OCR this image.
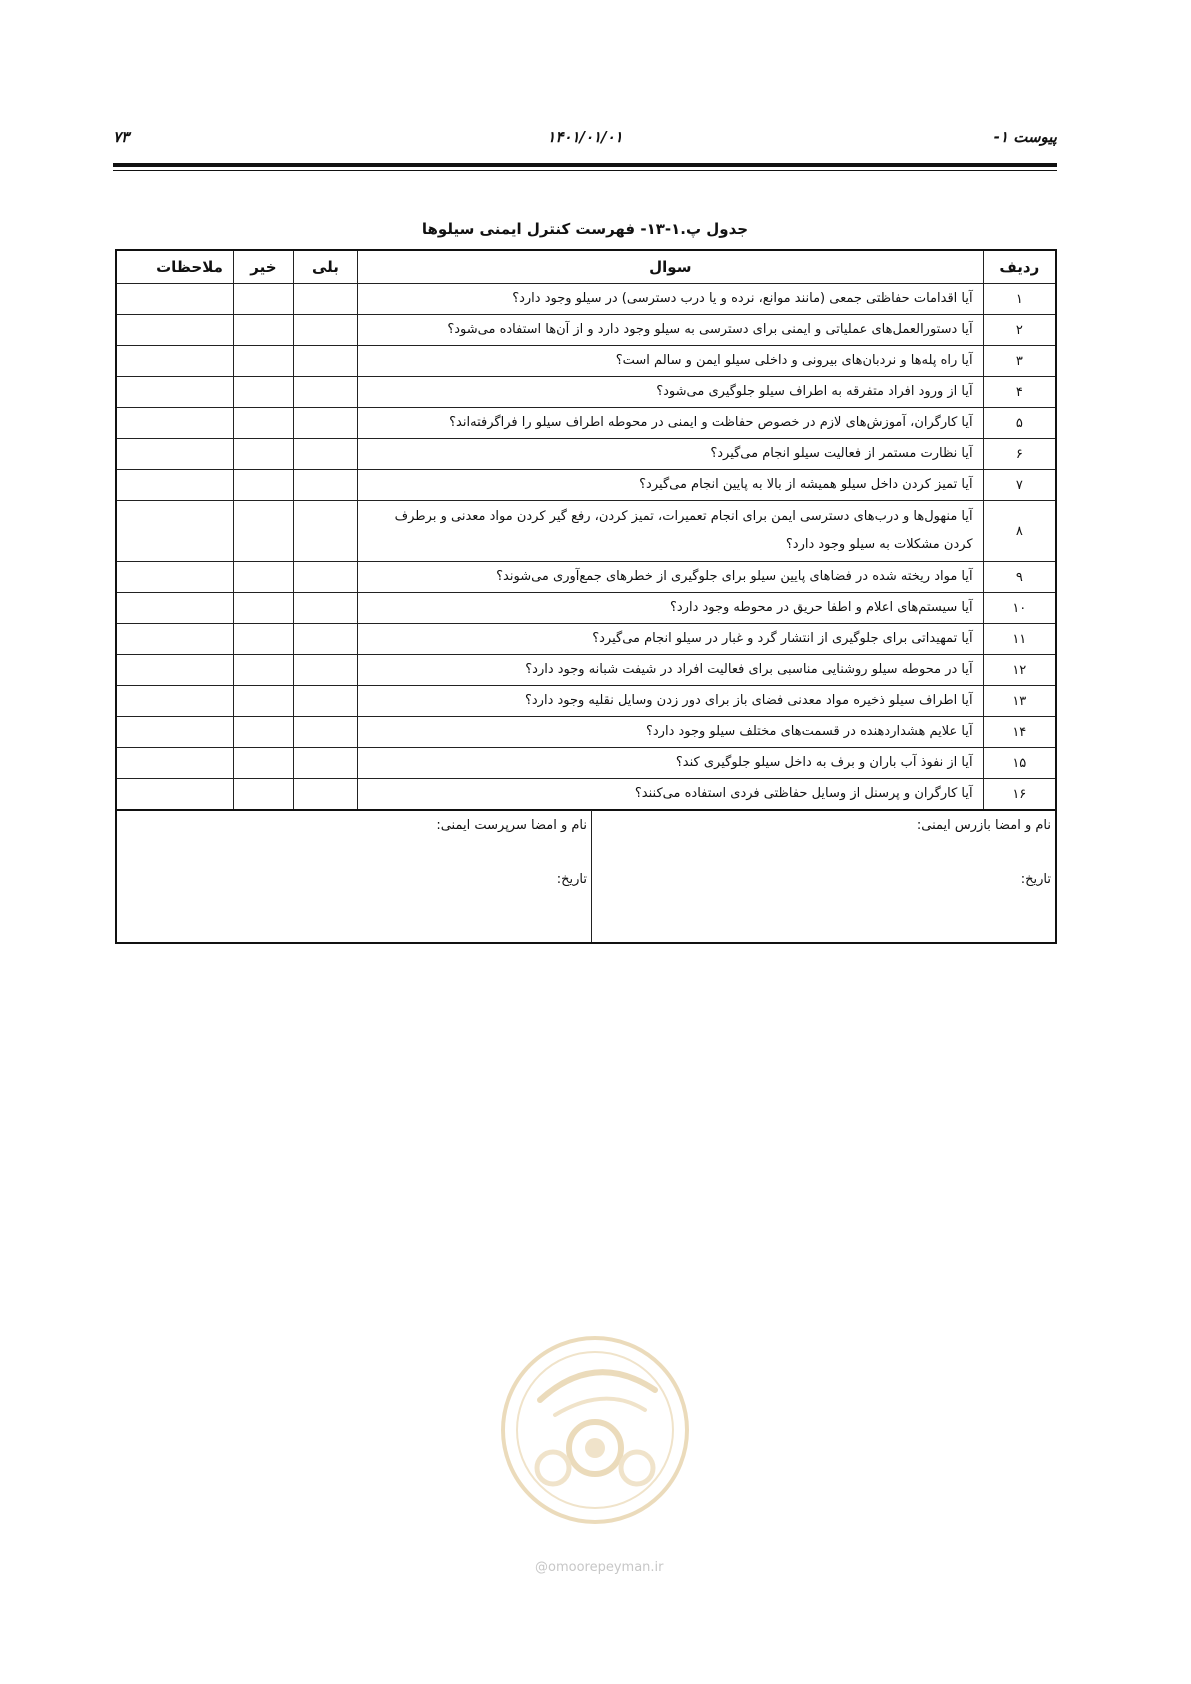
پیوست ۱-
۱۴۰۱/۰۱/۰۱
۷۳
جدول پ.۱-۱۳- فهرست کنترل ایمنی سیلوها
ردیف	سوال	بلی	خیر	ملاحظات
۱	آیا اقدامات حفاظتی جمعی (مانند موانع، نرده و یا درب دسترسی) در سیلو وجود دارد؟			
۲	آیا دستورالعمل‌های عملیاتی و ایمنی برای دسترسی به سیلو وجود دارد و از آن‌ها استفاده می‌شود؟			
۳	آیا راه پله‌ها و نردبان‌های بیرونی و داخلی سیلو ایمن و سالم است؟			
۴	آیا از ورود افراد متفرقه به اطراف سیلو جلوگیری می‌شود؟			
۵	آیا کارگران، آموزش‌های لازم در خصوص حفاظت و ایمنی در محوطه اطراف سیلو را فراگرفته‌اند؟			
۶	آیا نظارت مستمر از فعالیت سیلو انجام می‌گیرد؟			
۷	آیا تمیز کردن داخل سیلو همیشه از بالا به پایین انجام می‌گیرد؟			
۸	آیا منهول‌ها و درب‌های دسترسی ایمن برای انجام تعمیرات، تمیز کردن، رفع گیر کردن مواد معدنی و برطرف کردن مشکلات به سیلو وجود دارد؟			
۹	آیا مواد ریخته شده در فضاهای پایین سیلو برای جلوگیری از خطرهای جمع‌آوری می‌شوند؟			
۱۰	آیا سیستم‌های اعلام و اطفا حریق در محوطه وجود دارد؟			
۱۱	آیا تمهیداتی برای جلوگیری از انتشار گرد و غبار در سیلو انجام می‌گیرد؟			
۱۲	آیا در محوطه سیلو روشنایی مناسبی برای فعالیت افراد در شیفت شبانه وجود دارد؟			
۱۳	آیا اطراف سیلو ذخیره مواد معدنی فضای باز برای دور زدن وسایل نقلیه وجود دارد؟			
۱۴	آیا علایم هشداردهنده در قسمت‌های مختلف سیلو وجود دارد؟			
۱۵	آیا از نفوذ آب باران و برف به داخل سیلو جلوگیری کند؟			
۱۶	آیا کارگران و پرسنل از وسایل حفاظتی فردی استفاده می‌کنند؟			
نام و امضا بازرس ایمنی:
تاریخ:

نام و امضا سرپرست ایمنی:
تاریخ:
@omoorepeyman.ir
